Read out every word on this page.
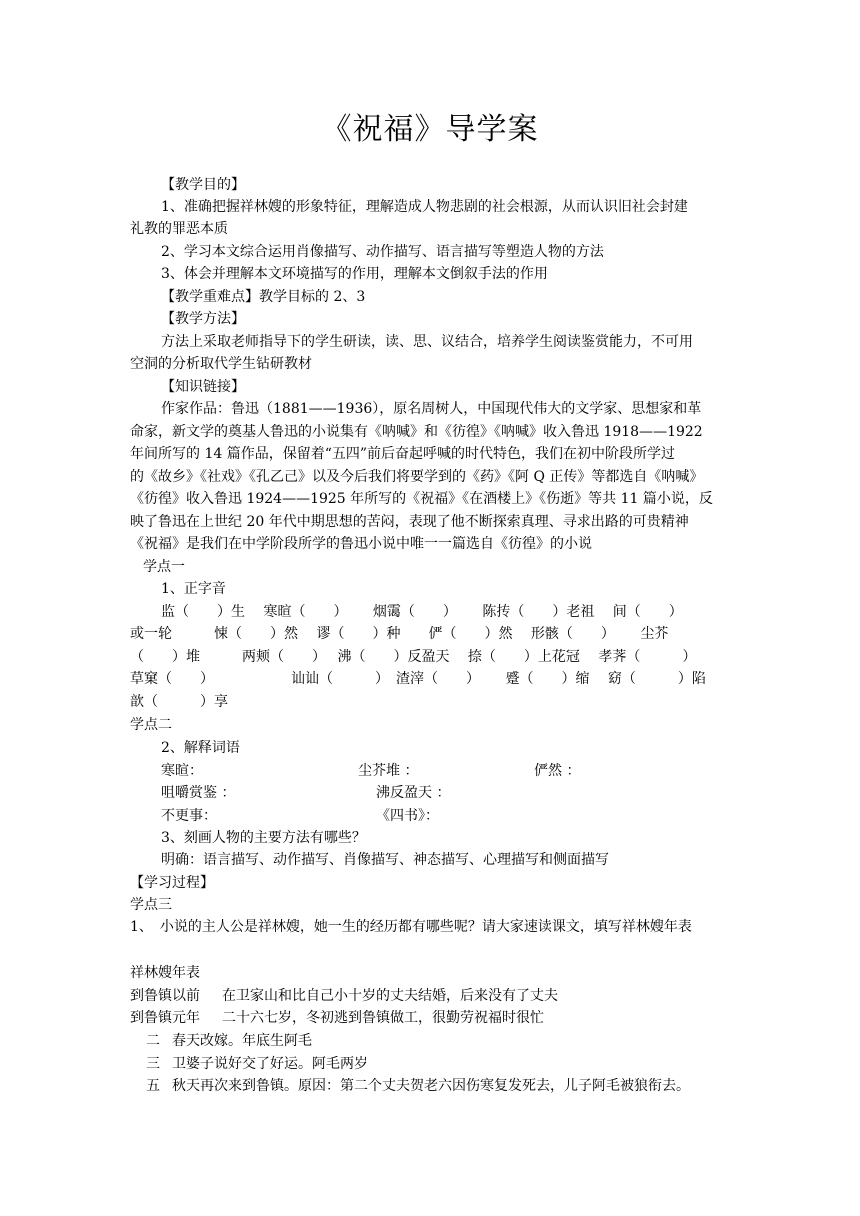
《祝福》导学案
【教学目的】
1、准确把握祥林嫂的形象特征，理解造成人物悲剧的社会根源，从而认识旧社会封建
礼教的罪恶本质
2、学习本文综合运用肖像描写、动作描写、语言描写等塑造人物的方法
3、体会并理解本文环境描写的作用，理解本文倒叙手法的作用
【教学重难点】教学目标的 2、3
【教学方法】
方法上采取老师指导下的学生研读，读、思、议结合，培养学生阅读鉴赏能力，不可用
空洞的分析取代学生钻研教材
【知识链接】
作家作品：鲁迅（1881——1936），原名周树人，中国现代伟大的文学家、思想家和革
命家，新文学的奠基人鲁迅的小说集有《呐喊》和《彷徨》《呐喊》收入鲁迅 1918——1922
年间所写的 14 篇作品，保留着“五四”前后奋起呼喊的时代特色，我们在初中阶段所学过
的《故乡》《社戏》《孔乙己》以及今后我们将要学到的《药》《阿 Q 正传》等都选自《呐喊》
《彷徨》收入鲁迅 1924——1925 年所写的《祝福》《在酒楼上》《伤逝》等共 11 篇小说，反
映了鲁迅在上世纪 20 年代中期思想的苦闷，表现了他不断探索真理、寻求出路的可贵精神
《祝福》是我们在中学阶段所学的鲁迅小说中唯一一篇选自《彷徨》的小说
学点一
1、正字音
监（　　）生　 寒暄（　　）　　 烟霭（　　）　　 陈抟（　　）老祖　 间（　　）
或一轮　　　悚（　　）然　 谬（　　）种　　俨（　　）然　 形骸（　　）　　 尘芥
（　　）堆　　　两颊（　　）　 沸（　　）反盈天　 捺（　　）上花冠　 孝荠（　　　）
草窠（　　）　　　　　　讪讪（　　　）　渣滓（　　）　　 蹙（　　）缩　 窈（　　　）陷
歆（　　　）享
学点二
2、解释词语
寒暄：	尘芥堆 ：	俨然 ：
咀嚼赏鉴 ：	沸反盈天 ：
不更事：	《四书》：
3、刻画人物的主要方法有哪些？
明确：语言描写、动作描写、肖像描写、神态描写、心理描写和侧面描写
【学习过程】
学点三
1、　小说的主人公是祥林嫂，她一生的经历都有哪些呢？请大家速读课文，填写祥林嫂年表
祥林嫂年表
到鲁镇以前 在卫家山和比自己小十岁的丈夫结婚，后来没有了丈夫
到鲁镇元年 二十六七岁，冬初逃到鲁镇做工，很勤劳祝福时很忙
二 春天改嫁。年底生阿毛
三 卫婆子说好交了好运。阿毛两岁
五 秋天再次来到鲁镇。原因：第二个丈夫贺老六因伤寒复发死去，儿子阿毛被狼衔去。
